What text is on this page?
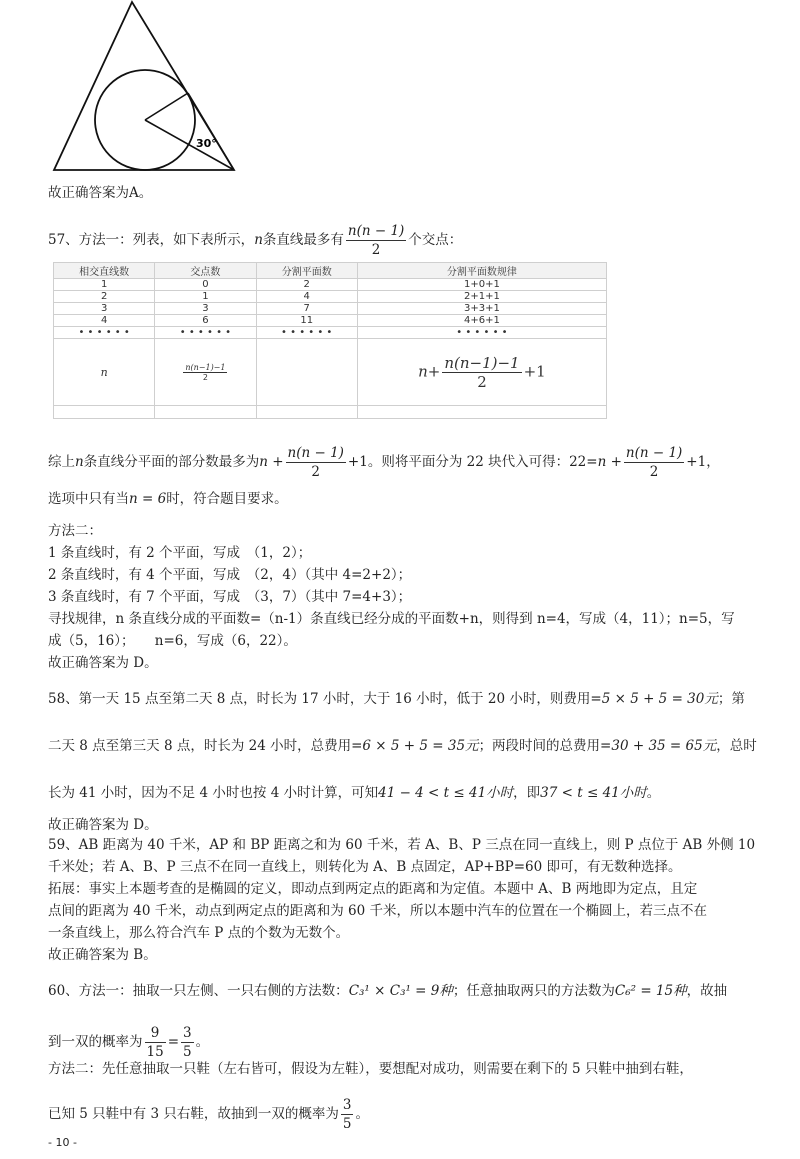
30°
故正确答案为A。
57、方法一：列表，如下表所示，n条直线最多有 $\frac{n(n - 1)}{2}$ 个交点：
相交直线数	交点数	分割平面数	分割平面数规律
1	0	2	1+0+1
2	1	4	2+1+1
3	3	7	3+3+1
4	6	11	4+6+1
• • • • • •	• • • • • •	• • • • • •	• • • • • •
n	$\frac{n(n-1)-1}{2}$		$n+ \frac{n(n-1)-1}{2} +1$

综上n条直线分平面的部分数最多为$n + \frac{n(n - 1)}{2} +1$。则将平面分为 22 块代入可得：$22=n + \frac{n(n - 1)}{2} +1$，
选项中只有当n = 6时，符合题目要求。
方法二：
1 条直线时，有 2 个平面，写成　（1，2）；
2 条直线时，有 4 个平面，写成　（2，4）（其中 4=2+2）；
3 条直线时，有 7 个平面，写成　（3，7）（其中 7=4+3）；
寻找规律，n 条直线分成的平面数=（n-1）条直线已经分成的平面数+n，则得到 n=4，写成（4，11）；n=5，写
成（5，16）；　　n=6，写成（6，22）。
故正确答案为 D。
58、第一天 15 点至第二天 8 点，时长为 17 小时，大于 16 小时，低于 20 小时，则费用=5 × 5 + 5 = 30元；第
二天 8 点至第三天 8 点，时长为 24 小时，总费用=6 × 5 + 5 = 35元；两段时间的总费用=30 + 35 = 65元，总时
长为 41 小时，因为不足 4 小时也按 4 小时计算，可知41 − 4 < t ≤ 41小时，即37 < t ≤ 41小时。
故正确答案为 D。
59、AB 距离为 40 千米，AP 和 BP 距离之和为 60 千米，若 A、B、P 三点在同一直线上，则 P 点位于 AB 外侧 10
千米处；若 A、B、P 三点不在同一直线上，则转化为 A、B 点固定，AP+BP=60 即可，有无数种选择。
拓展：事实上本题考查的是椭圆的定义，即动点到两定点的距离和为定值。本题中 A、B 两地即为定点，且定
点间的距离为 40 千米，动点到两定点的距离和为 60 千米，所以本题中汽车的位置在一个椭圆上，若三点不在
一条直线上，那么符合汽车 P 点的个数为无数个。
故正确答案为 B。
60、方法一：抽取一只左侧、一只右侧的方法数：C₃¹ × C₃¹ = 9种；任意抽取两只的方法数为C₆² = 15种，故抽
到一双的概率为 $\frac{9}{15} = \frac{3}{5}$ 。
方法二：先任意抽取一只鞋（左右皆可，假设为左鞋），要想配对成功，则需要在剩下的 5 只鞋中抽到右鞋，
已知 5 只鞋中有 3 只右鞋，故抽到一双的概率为 $\frac{3}{5}$ 。
- 10 -
